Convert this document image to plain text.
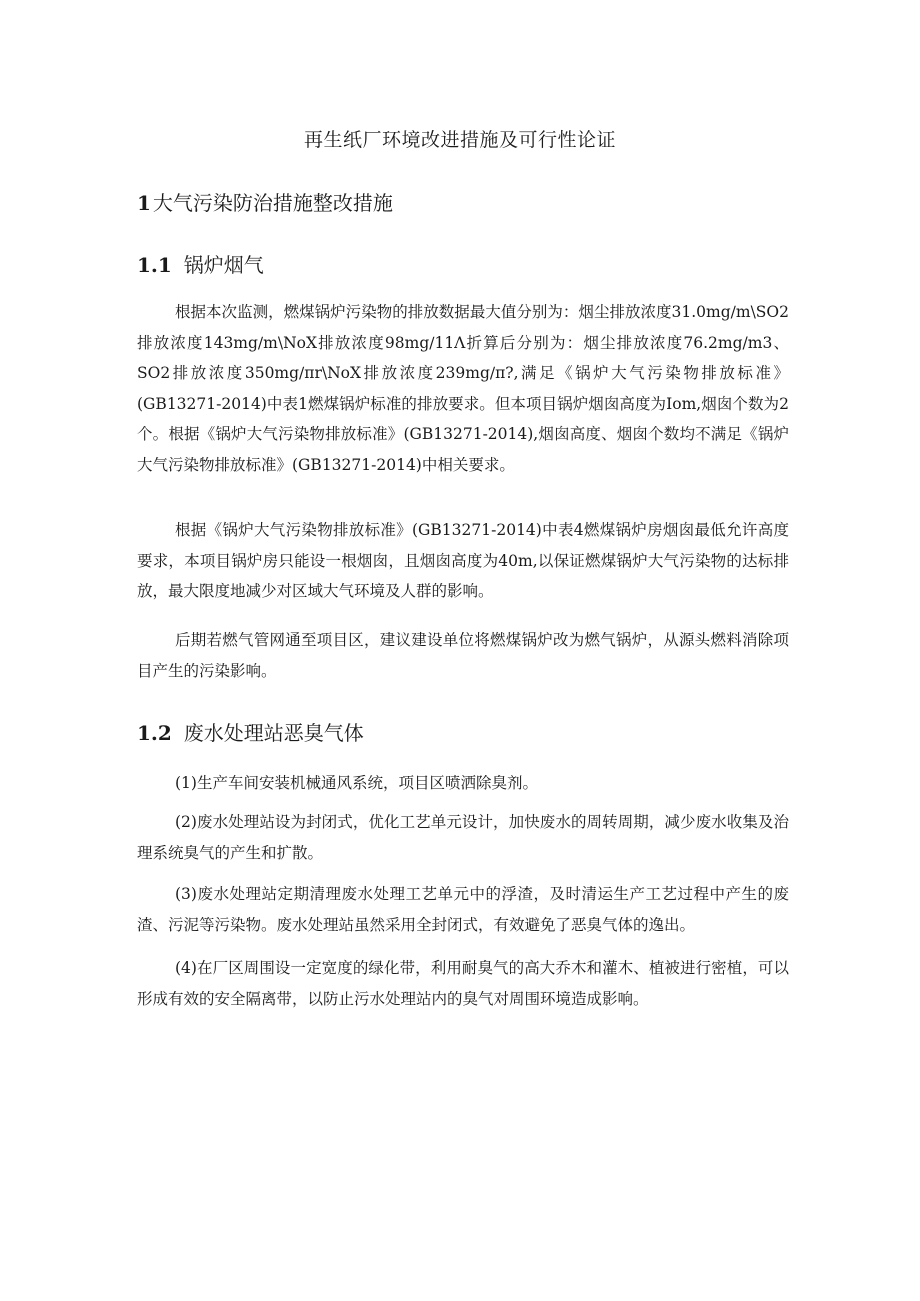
再生纸厂环境改进措施及可行性论证
1 大气污染防治措施整改措施
1.1 锅炉烟气

根据本次监测，燃煤锅炉污染物的排放数据最大值分别为：烟尘排放浓度31.0mg∕m\SO2排放浓度143mg∕m\NoX排放浓度98mg∕11Λ折算后分别为：烟尘排放浓度76.2mg/m3、SO2排放浓度350mg∕πr\NoX排放浓度239mg∕π?,满足《锅炉大气污染物排放标准》(GB13271-2014)中表1燃煤锅炉标准的排放要求。但本项目锅炉烟囱高度为Iom,烟囱个数为2个。根据《锅炉大气污染物排放标准》(GB13271-2014),烟囱高度、烟囱个数均不满足《锅炉大气污染物排放标准》(GB13271-2014)中相关要求。

根据《锅炉大气污染物排放标准》(GB13271-2014)中表4燃煤锅炉房烟囱最低允许高度要求，本项目锅炉房只能设一根烟囱，且烟囱高度为40m,以保证燃煤锅炉大气污染物的达标排放，最大限度地减少对区域大气环境及人群的影响。

后期若燃气管网通至项目区，建议建设单位将燃煤锅炉改为燃气锅炉，从源头燃料消除项目产生的污染影响。

1.2 废水处理站恶臭气体

(1)生产车间安装机械通风系统，项目区喷洒除臭剂。

(2)废水处理站设为封闭式，优化工艺单元设计，加快废水的周转周期，减少废水收集及治理系统臭气的产生和扩散。

(3)废水处理站定期清理废水处理工艺单元中的浮渣，及时清运生产工艺过程中产生的废渣、污泥等污染物。废水处理站虽然采用全封闭式，有效避免了恶臭气体的逸出。

(4)在厂区周围设一定宽度的绿化带，利用耐臭气的高大乔木和灌木、植被进行密植，可以形成有效的安全隔离带，以防止污水处理站内的臭气对周围环境造成影响。
